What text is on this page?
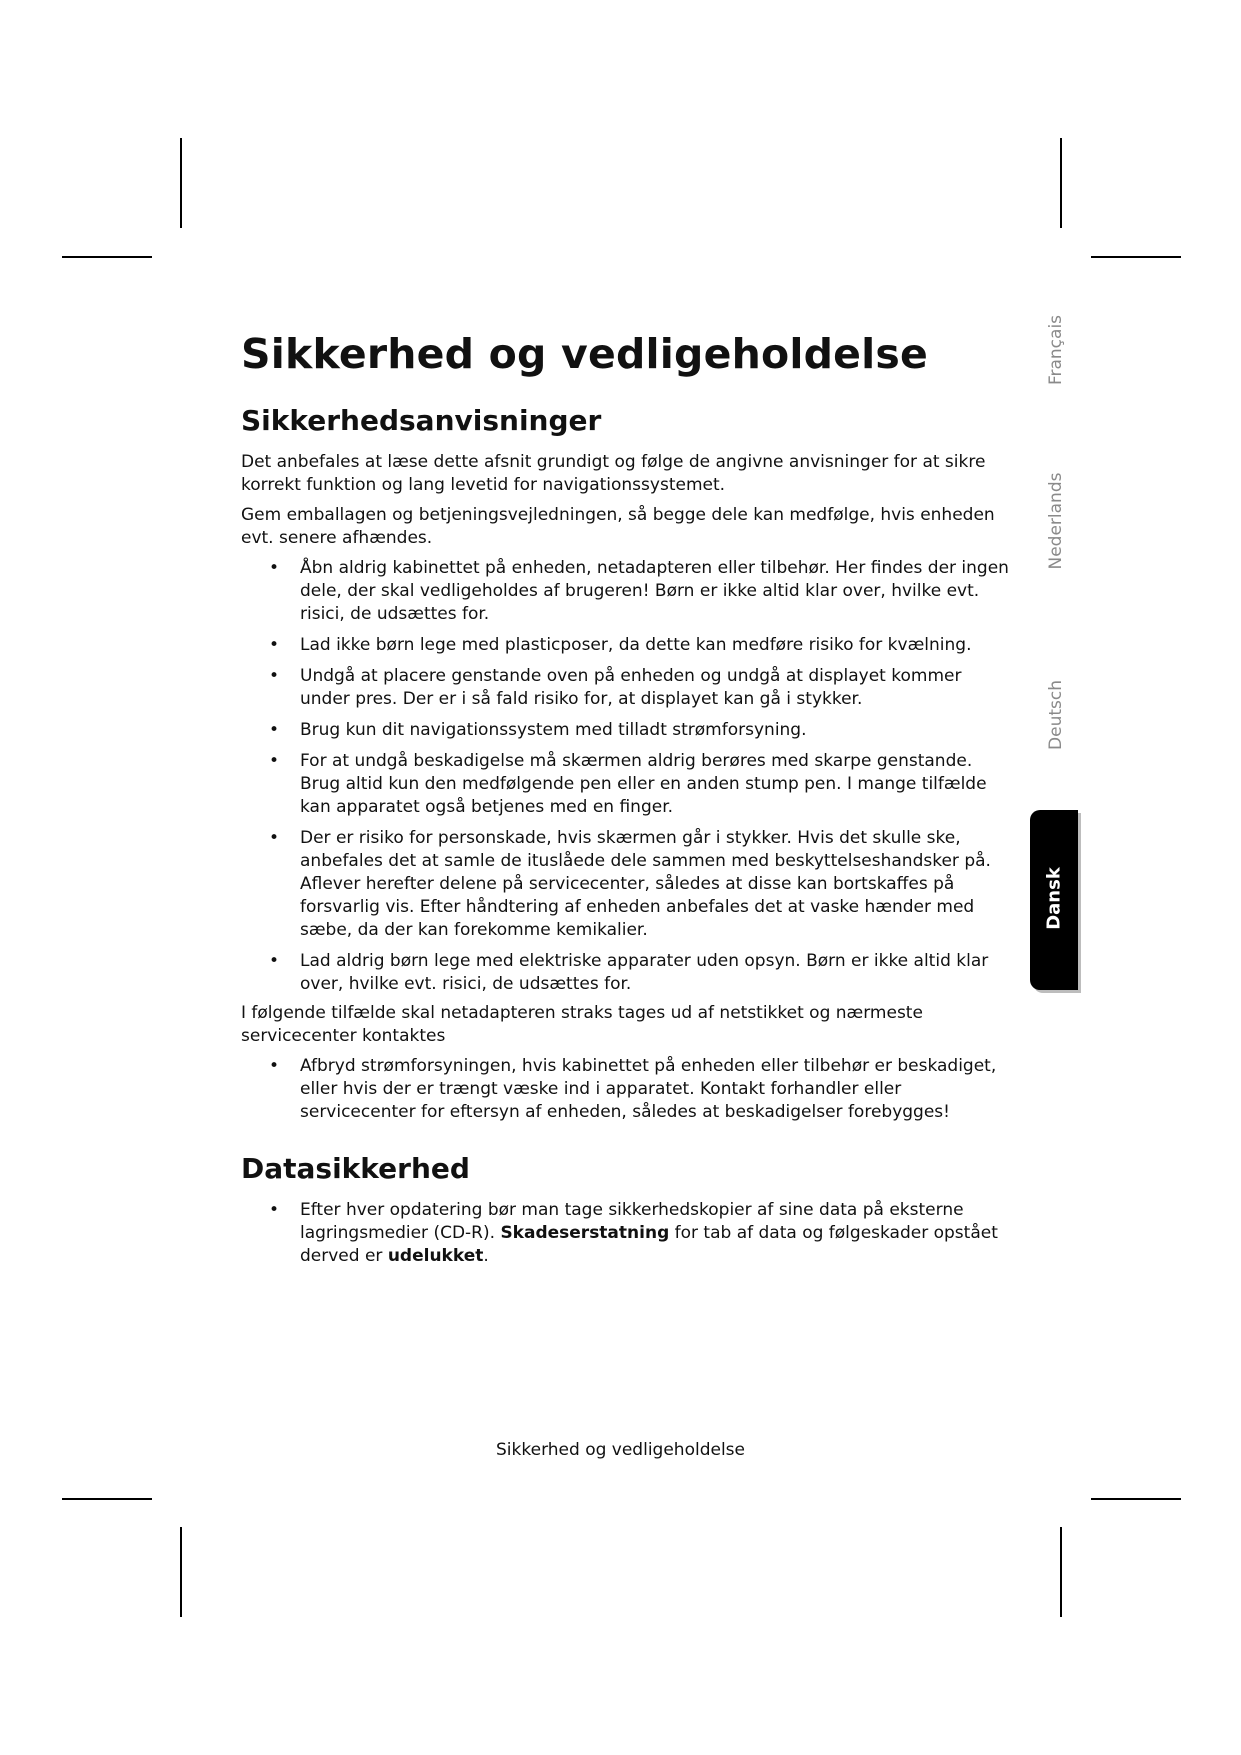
Sikkerhed og vedligeholdelse
Sikkerhedsanvisninger

Det anbefales at læse dette afsnit grundigt og følge de angivne anvisninger for at sikre korrekt funktion og lang levetid for navigationssystemet.

Gem emballagen og betjeningsvejledningen, så begge dele kan medfølge, hvis enheden evt. senere afhændes.

• Åbn aldrig kabinettet på enheden, netadapteren eller tilbehør. Her findes der ingen dele, der skal vedligeholdes af brugeren! Børn er ikke altid klar over, hvilke evt. risici, de udsættes for.
• Lad ikke børn lege med plasticposer, da dette kan medføre risiko for kvælning.
• Undgå at placere genstande oven på enheden og undgå at displayet kommer under pres. Der er i så fald risiko for, at displayet kan gå i stykker.
• Brug kun dit navigationssystem med tilladt strømforsyning.
• For at undgå beskadigelse må skærmen aldrig berøres med skarpe genstande. Brug altid kun den medfølgende pen eller en anden stump pen. I mange tilfælde kan apparatet også betjenes med en finger.
• Der er risiko for personskade, hvis skærmen går i stykker. Hvis det skulle ske, anbefales det at samle de ituslåede dele sammen med beskyttelseshandsker på. Aflever herefter delene på servicecenter, således at disse kan bortskaffes på forsvarlig vis. Efter håndtering af enheden anbefales det at vaske hænder med sæbe, da der kan forekomme kemikalier.
• Lad aldrig børn lege med elektriske apparater uden opsyn. Børn er ikke altid klar over, hvilke evt. risici, de udsættes for.

I følgende tilfælde skal netadapteren straks tages ud af netstikket og nærmeste servicecenter kontaktes

• Afbryd strømforsyningen, hvis kabinettet på enheden eller tilbehør er beskadiget, eller hvis der er trængt væske ind i apparatet. Kontakt forhandler eller servicecenter for eftersyn af enheden, således at beskadigelser forebygges!
Datasikkerhed
• Efter hver opdatering bør man tage sikkerhedskopier af sine data på eksterne lagringsmedier (CD-R). Skadeserstatning for tab af data og følgeskader opstået derved er udelukket.
Français
Nederlands
Deutsch
Dansk
Sikkerhed og vedligeholdelse
